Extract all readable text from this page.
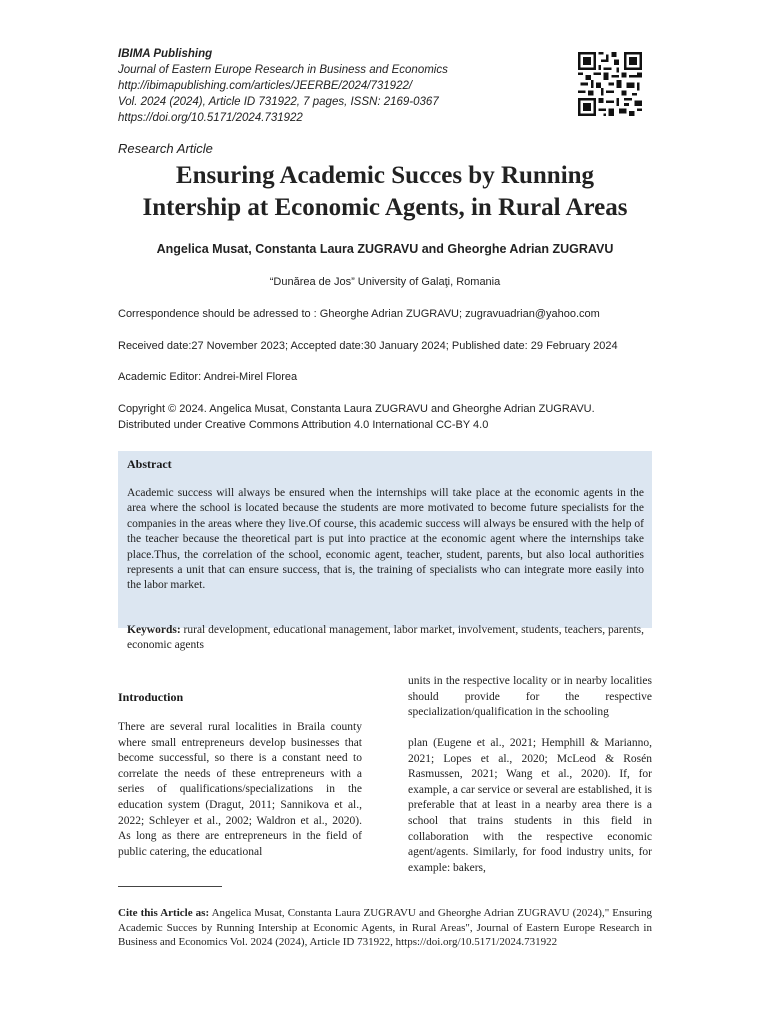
IBIMA Publishing
Journal of Eastern Europe Research in Business and Economics
http://ibimapublishing.com/articles/JEERBE/2024/731922/
Vol. 2024 (2024), Article ID 731922, 7 pages, ISSN: 2169-0367
https://doi.org/10.5171/2024.731922
Research Article
Ensuring Academic Succes by Running
Intership at Economic Agents, in Rural Areas
Angelica Musat, Constanta Laura ZUGRAVU and Gheorghe Adrian ZUGRAVU
“Dunărea de Jos” University of Galaţi, Romania
Correspondence should be adressed to : Gheorghe Adrian ZUGRAVU; zugravuadrian@yahoo.com
Received date:27 November 2023; Accepted date:30 January 2024; Published date: 29 February 2024
Academic Editor: Andrei-Mirel Florea
Copyright © 2024. Angelica Musat, Constanta Laura ZUGRAVU and Gheorghe Adrian ZUGRAVU.
Distributed under Creative Commons Attribution 4.0 International CC-BY 4.0
Abstract
Academic success will always be ensured when the internships will take place at the economic agents in the area where the school is located because the students are more motivated to become future specialists for the companies in the areas where they live.Of course, this academic success will always be ensured with the help of the teacher because the theoretical part is put into practice at the economic agent where the internships take place.Thus, the correlation of the school, economic agent, teacher, student, parents, but also local authorities represents a unit that can ensure success, that is, the training of specialists who can integrate more easily into the labor market.
Keywords: rural development, educational management, labor market, involvement, students, teachers, parents, economic agents
Introduction
There are several rural localities in Braila county where small entrepreneurs develop businesses that become successful, so there is a constant need to correlate the needs of these entrepreneurs with a series of qualifications/specializations in the education system (Dragut, 2011; Sannikova et al., 2022; Schleyer et al., 2002; Waldron et al., 2020). As long as there are entrepreneurs in the field of public catering, the educational
units in the respective locality or in nearby localities should provide for the respective specialization/qualification in the schooling
plan (Eugene et al., 2021; Hemphill & Marianno, 2021; Lopes et al., 2020; McLeod & Rosén Rasmussen, 2021; Wang et al., 2020). If, for example, a car service or several are established, it is preferable that at least in a nearby area there is a school that trains students in this field in collaboration with the respective economic agent/agents. Similarly, for food industry units, for example: bakers,
Cite this Article as: Angelica Musat, Constanta Laura ZUGRAVU and Gheorghe Adrian ZUGRAVU (2024)," Ensuring Academic Succes by Running Intership at Economic Agents, in Rural Areas", Journal of Eastern Europe Research in Business and Economics Vol. 2024 (2024), Article ID 731922, https://doi.org/10.5171/2024.731922
